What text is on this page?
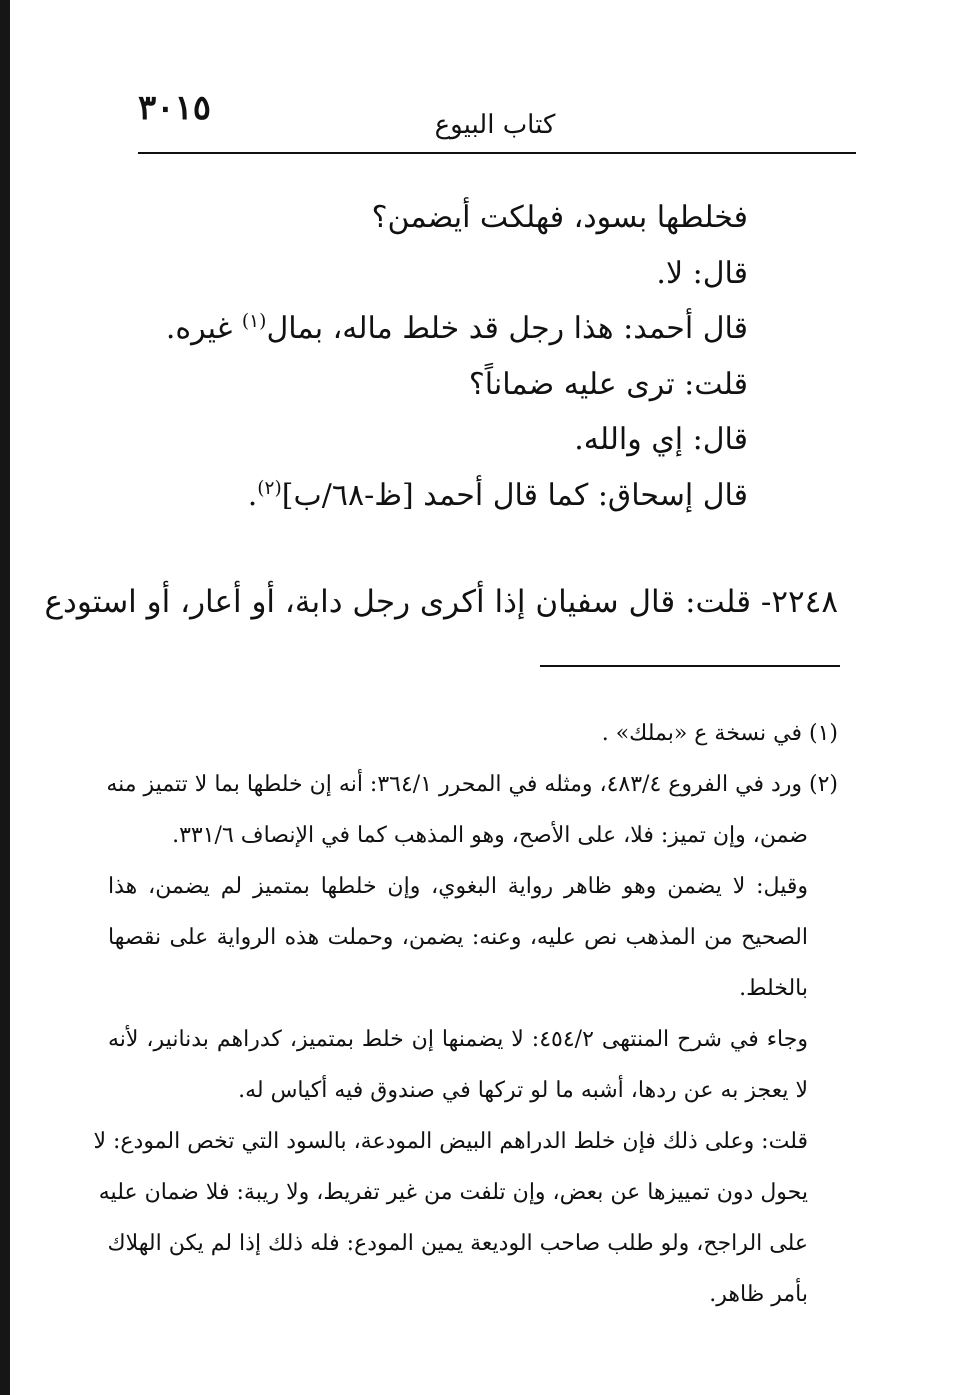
٣٠١٥	كتاب البيوع
فخلطها بسود، فهلكت أيضمن؟
قال: لا.
قال أحمد: هذا رجل قد خلط ماله، بمال$^{(١)}$ غيره.
قلت: ترى عليه ضماناً؟
قال: إي والله.
قال إسحاق: كما قال أحمد [ظ-٦٨/ب]$^{(٢)}$.
٢٢٤٨- قلت: قال سفيان إذا أكرى رجل دابة، أو أعار، أو استودع
(١) في نسخة ع «بملك» .
(٢) ورد في الفروع ٤٨٣/٤، ومثله في المحرر ٣٦٤/١: أنه إن خلطها بما لا تتميز منه
ضمن، وإن تميز: فلا، على الأصح، وهو المذهب كما في الإنصاف ٣٣١/٦.
وقيل: لا يضمن وهو ظاهر رواية البغوي، وإن خلطها بمتميز لم يضمن، هذا
الصحيح من المذهب نص عليه، وعنه: يضمن، وحملت هذه الرواية على نقصها
بالخلط.
وجاء في شرح المنتهى ٤٥٤/٢: لا يضمنها إن خلط بمتميز، كدراهم بدنانير، لأنه
لا يعجز به عن ردها، أشبه ما لو تركها في صندوق فيه أكياس له.
قلت: وعلى ذلك فإن خلط الدراهم البيض المودعة، بالسود التي تخص المودع: لا
يحول دون تمييزها عن بعض، وإن تلفت من غير تفريط، ولا ريبة: فلا ضمان عليه
على الراجح، ولو طلب صاحب الوديعة يمين المودع: فله ذلك إذا لم يكن الهلاك
بأمر ظاهر.
